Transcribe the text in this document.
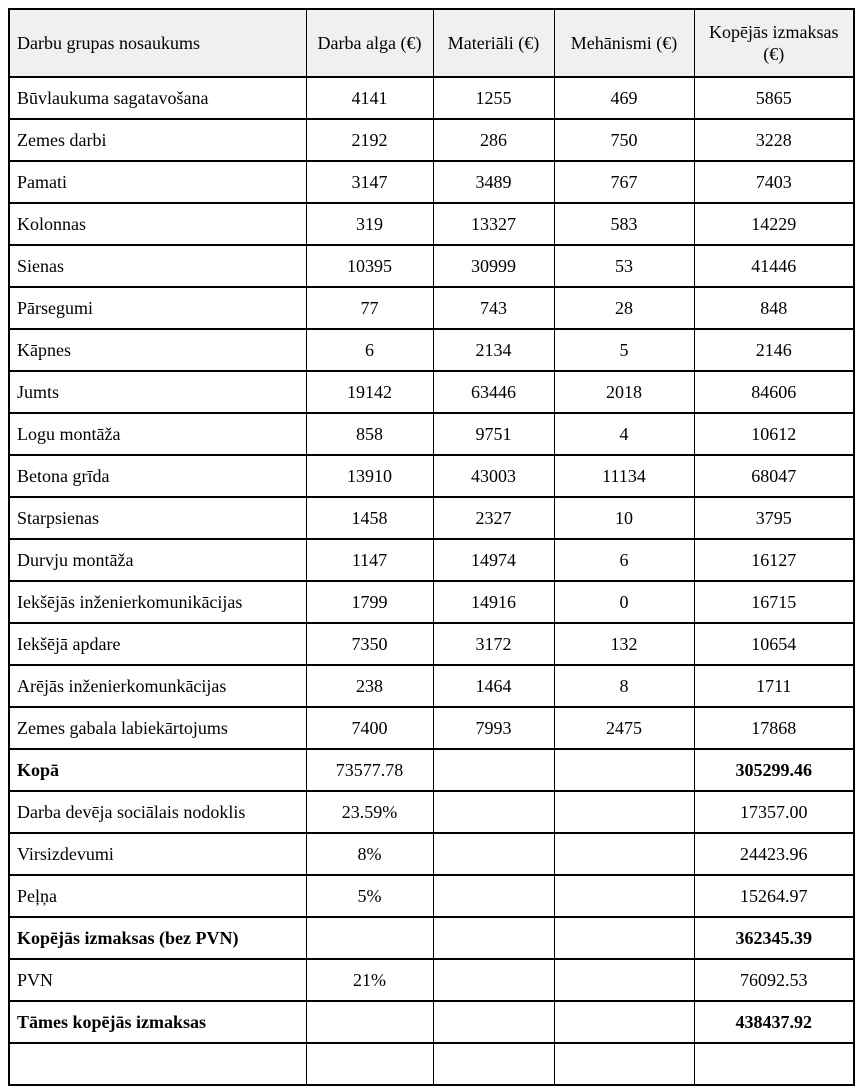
Darbu grupas nosaukums	Darba alga (€)	Materiāli (€)	Mehānismi (€)	Kopējās izmaksas (€)
Būvlaukuma sagatavošana	4141	1255	469	5865
Zemes darbi	2192	286	750	3228
Pamati	3147	3489	767	7403
Kolonnas	319	13327	583	14229
Sienas	10395	30999	53	41446
Pārsegumi	77	743	28	848
Kāpnes	6	2134	5	2146
Jumts	19142	63446	2018	84606
Logu montāža	858	9751	4	10612
Betona grīda	13910	43003	11134	68047
Starpsienas	1458	2327	10	3795
Durvju montāža	1147	14974	6	16127
Iekšējās inženierkomunikācijas	1799	14916	0	16715
Iekšējā apdare	7350	3172	132	10654
Arējās inženierkomunkācijas	238	1464	8	1711
Zemes gabala labiekārtojums	7400	7993	2475	17868
Kopā	73577.78			305299.46
Darba devēja sociālais nodoklis	23.59%			17357.00
Virsizdevumi	8%			24423.96
Peļņa	5%			15264.97
Kopējās izmaksas (bez PVN)				362345.39
PVN	21%			76092.53
Tāmes kopējās izmaksas				438437.92
